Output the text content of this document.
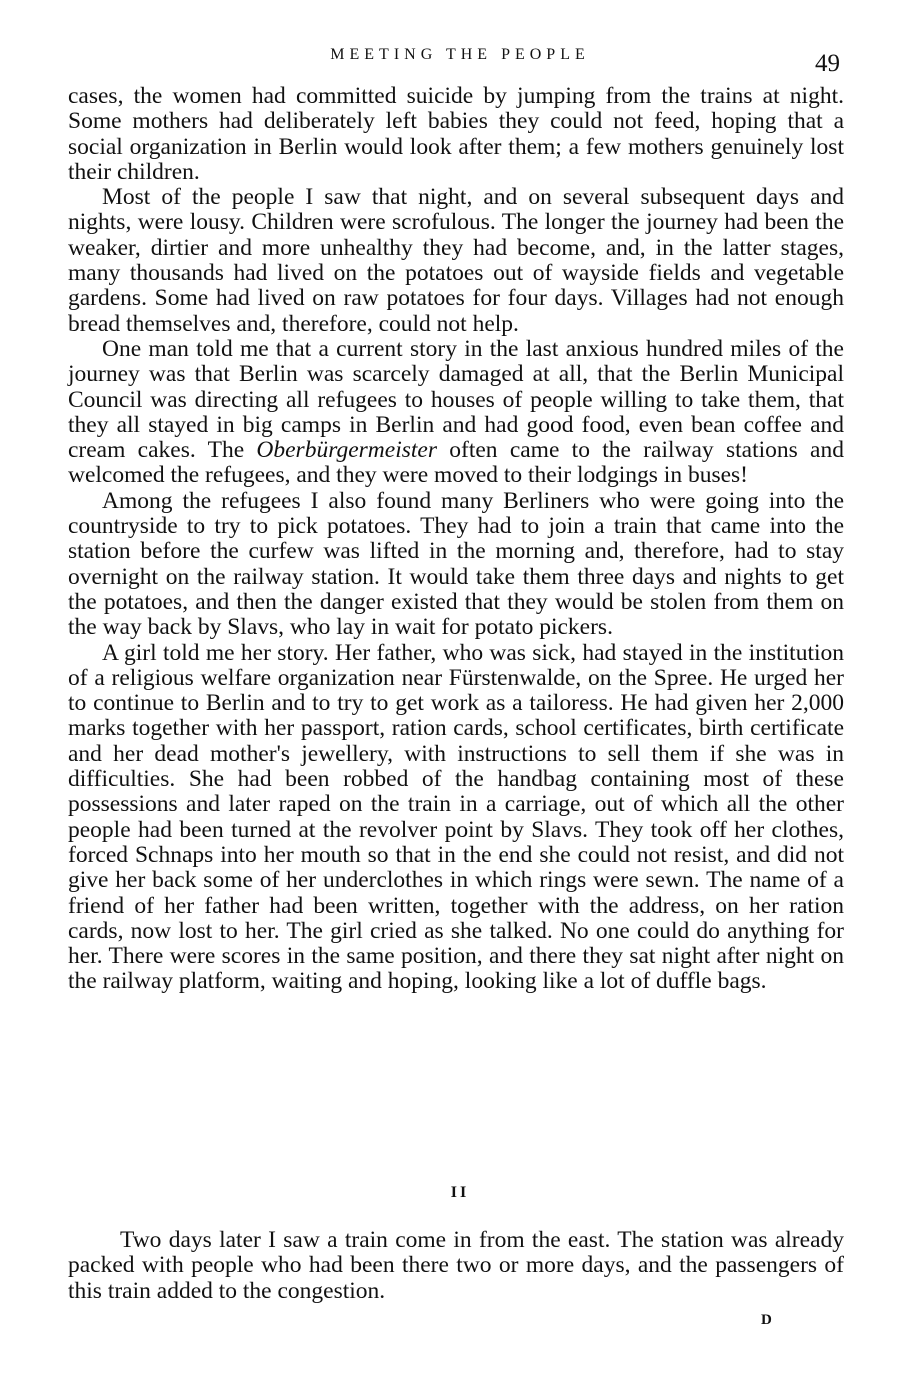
MEETING THE PEOPLE	49

cases, the women had committed suicide by jumping from the trains at night. Some mothers had deliberately left babies they could not feed, hoping that a social organization in Berlin would look after them; a few mothers genuinely lost their children.

Most of the people I saw that night, and on several subsequent days and nights, were lousy. Children were scrofulous. The longer the journey had been the weaker, dirtier and more unhealthy they had become, and, in the latter stages, many thousands had lived on the potatoes out of wayside fields and vegetable gardens. Some had lived on raw potatoes for four days. Villages had not enough bread themselves and, therefore, could not help.

One man told me that a current story in the last anxious hundred miles of the journey was that Berlin was scarcely damaged at all, that the Berlin Municipal Council was directing all refugees to houses of people willing to take them, that they all stayed in big camps in Berlin and had good food, even bean coffee and cream cakes. The Oberbürgermeister often came to the railway stations and welcomed the refugees, and they were moved to their lodgings in buses!

Among the refugees I also found many Berliners who were going into the countryside to try to pick potatoes. They had to join a train that came into the station before the curfew was lifted in the morning and, therefore, had to stay overnight on the railway station. It would take them three days and nights to get the potatoes, and then the danger existed that they would be stolen from them on the way back by Slavs, who lay in wait for potato pickers.

A girl told me her story. Her father, who was sick, had stayed in the institution of a religious welfare organization near Fürstenwalde, on the Spree. He urged her to continue to Berlin and to try to get work as a tailoress. He had given her 2,000 marks together with her passport, ration cards, school certificates, birth certificate and her dead mother's jewellery, with instructions to sell them if she was in difficulties. She had been robbed of the handbag containing most of these possessions and later raped on the train in a carriage, out of which all the other people had been turned at the revolver point by Slavs. They took off her clothes, forced Schnaps into her mouth so that in the end she could not resist, and did not give her back some of her underclothes in which rings were sewn. The name of a friend of her father had been written, together with the address, on her ration cards, now lost to her. The girl cried as she talked. No one could do anything for her. There were scores in the same position, and there they sat night after night on the railway platform, waiting and hoping, looking like a lot of duffle bags.

II

Two days later I saw a train come in from the east. The station was already packed with people who had been there two or more days, and the passengers of this train added to the congestion.

D
